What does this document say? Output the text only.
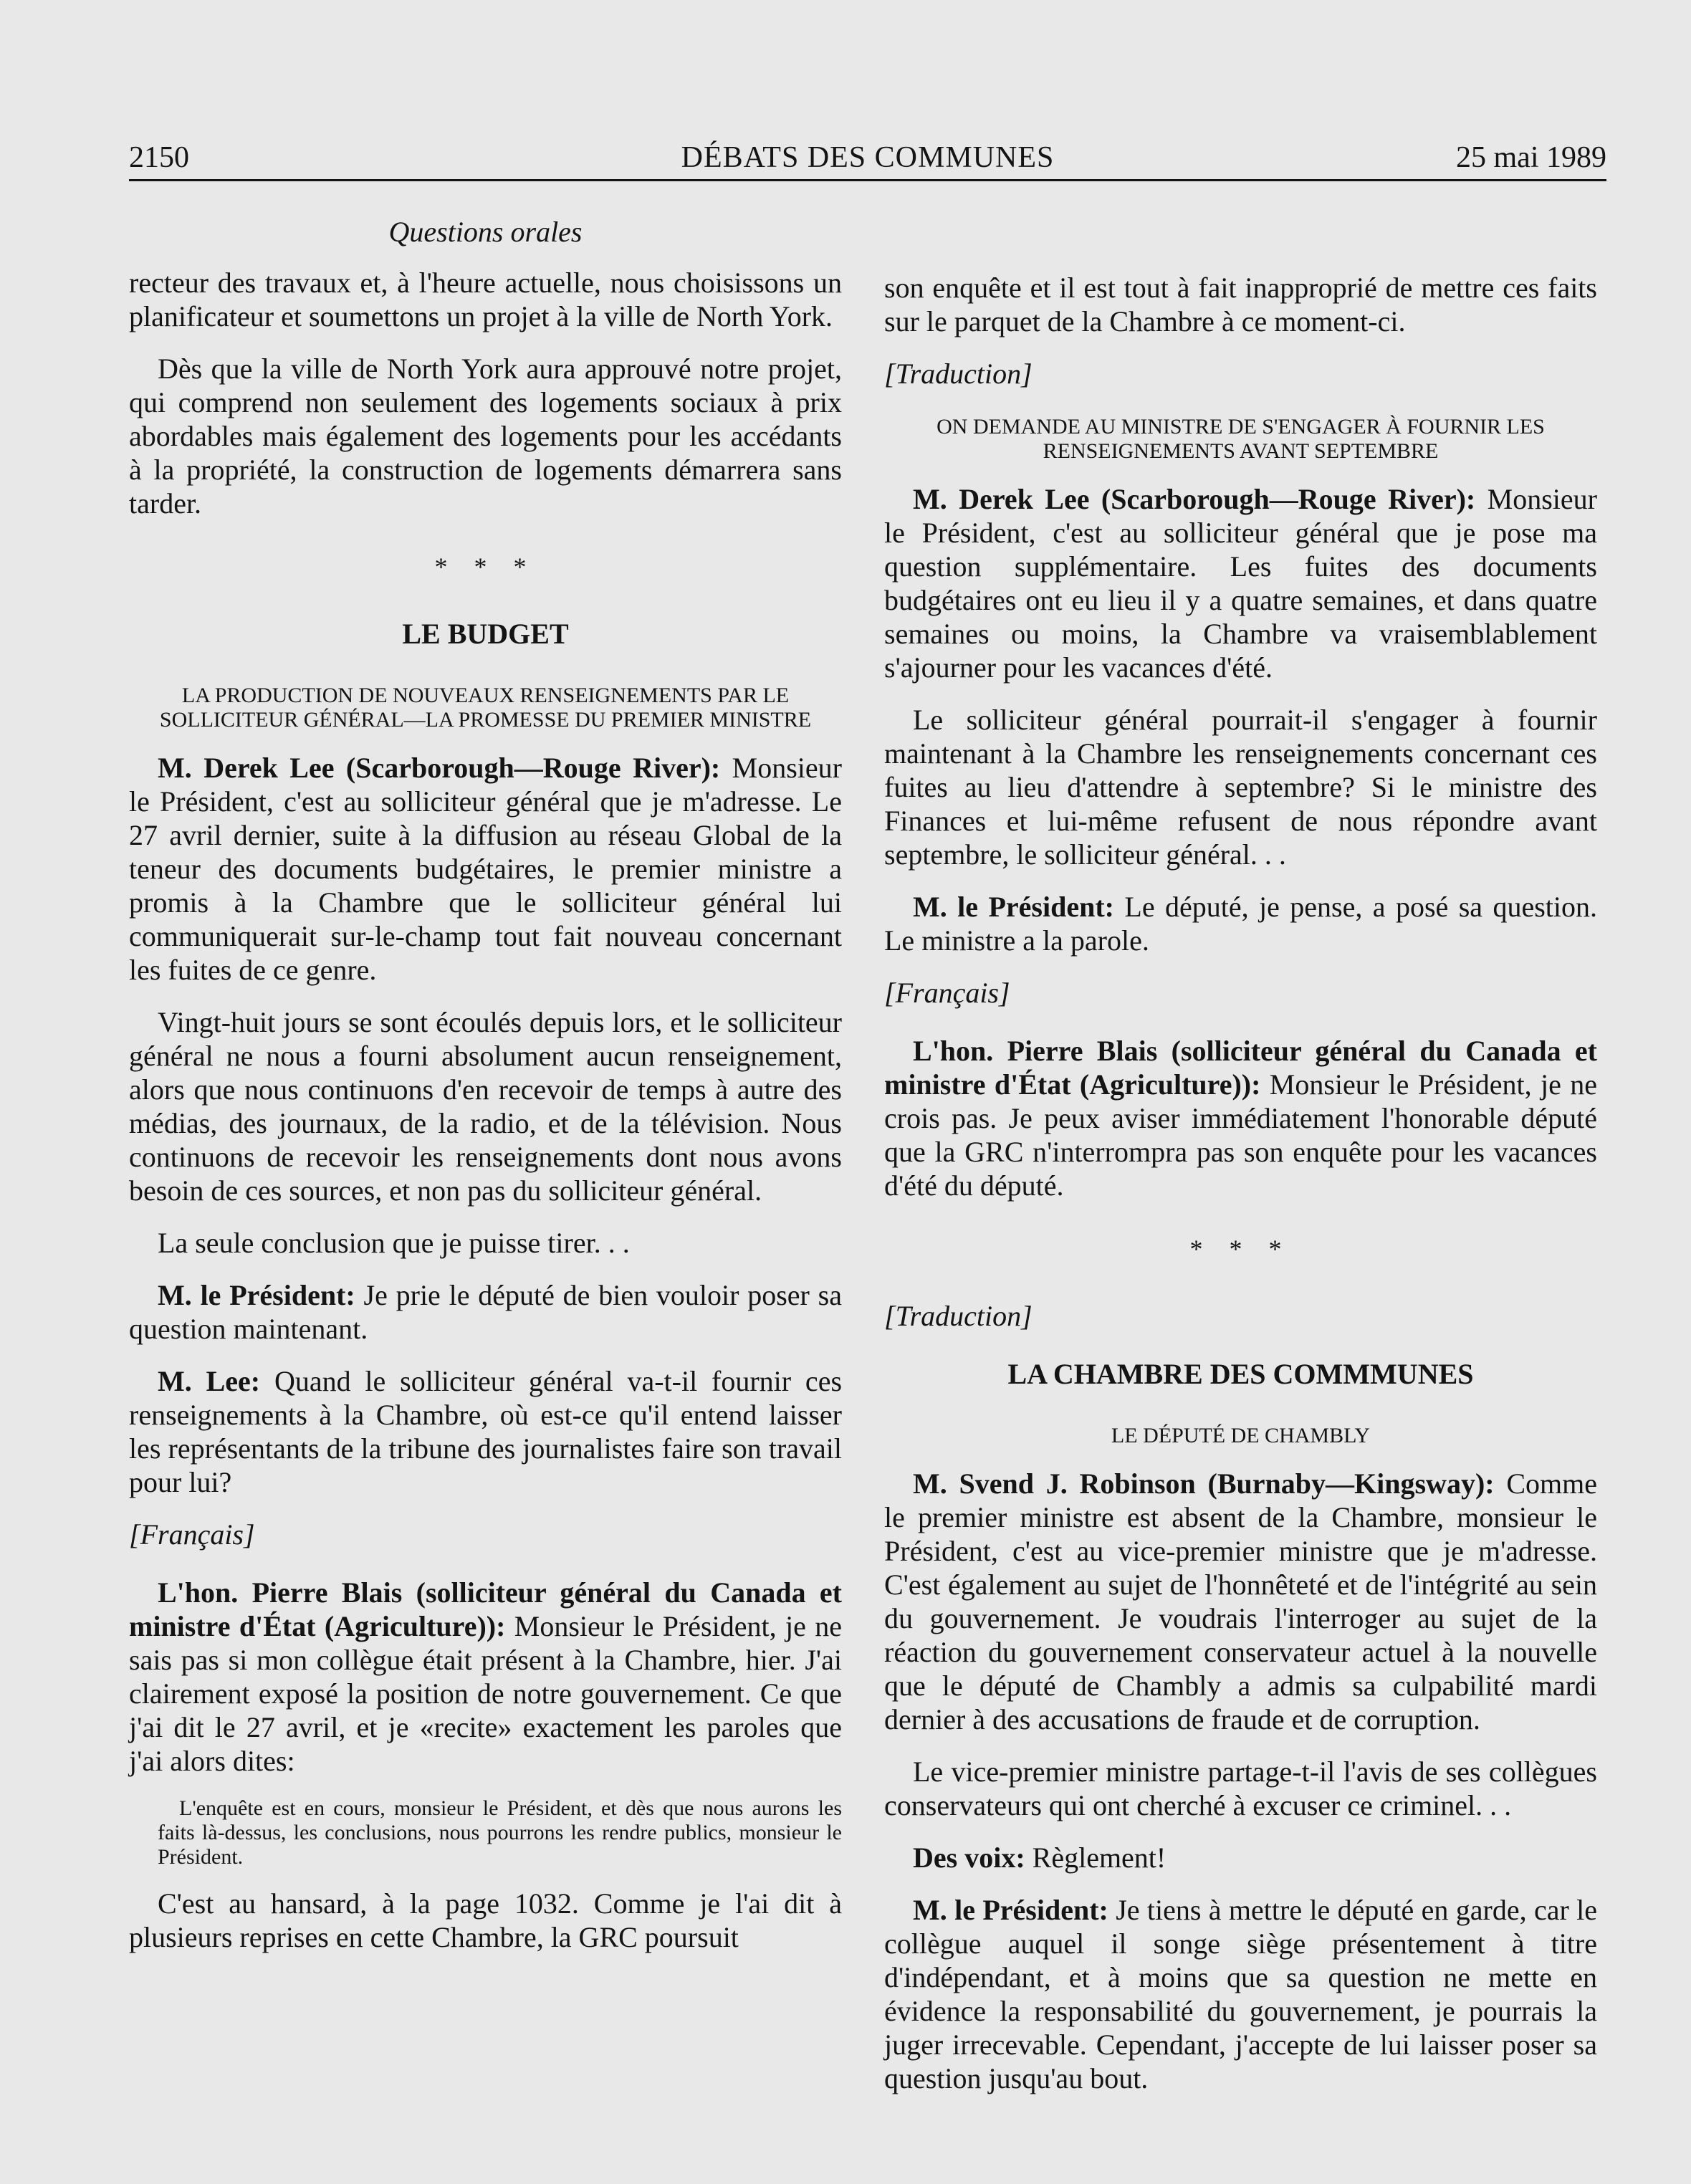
2150	DÉBATS DES COMMUNES	25 mai 1989
Questions orales

recteur des travaux et, à l'heure actuelle, nous choisissons un planificateur et soumettons un projet à la ville de North York.

Dès que la ville de North York aura approuvé notre projet, qui comprend non seulement des logements sociaux à prix abordables mais également des logements pour les accédants à la propriété, la construction de logements démarrera sans tarder.

* * *
LE BUDGET
LA PRODUCTION DE NOUVEAUX RENSEIGNEMENTS PAR LE SOLLICITEUR GÉNÉRAL—LA PROMESSE DU PREMIER MINISTRE

M. Derek Lee (Scarborough—Rouge River): Monsieur le Président, c'est au solliciteur général que je m'adresse. Le 27 avril dernier, suite à la diffusion au réseau Global de la teneur des documents budgétaires, le premier ministre a promis à la Chambre que le solliciteur général lui communiquerait sur-le-champ tout fait nouveau concernant les fuites de ce genre.

Vingt-huit jours se sont écoulés depuis lors, et le solliciteur général ne nous a fourni absolument aucun renseignement, alors que nous continuons d'en recevoir de temps à autre des médias, des journaux, de la radio, et de la télévision. Nous continuons de recevoir les renseignements dont nous avons besoin de ces sources, et non pas du solliciteur général.

La seule conclusion que je puisse tirer. . .

M. le Président: Je prie le député de bien vouloir poser sa question maintenant.

M. Lee: Quand le solliciteur général va-t-il fournir ces renseignements à la Chambre, où est-ce qu'il entend laisser les représentants de la tribune des journalistes faire son travail pour lui?

[Français]

L'hon. Pierre Blais (solliciteur général du Canada et ministre d'État (Agriculture)): Monsieur le Président, je ne sais pas si mon collègue était présent à la Chambre, hier. J'ai clairement exposé la position de notre gouvernement. Ce que j'ai dit le 27 avril, et je «recite» exactement les paroles que j'ai alors dites:

L'enquête est en cours, monsieur le Président, et dès que nous aurons les faits là-dessus, les conclusions, nous pourrons les rendre publics, monsieur le Président.

C'est au hansard, à la page 1032. Comme je l'ai dit à plusieurs reprises en cette Chambre, la GRC poursuit

son enquête et il est tout à fait inapproprié de mettre ces faits sur le parquet de la Chambre à ce moment-ci.

[Traduction]
ON DEMANDE AU MINISTRE DE S'ENGAGER À FOURNIR LES RENSEIGNEMENTS AVANT SEPTEMBRE

M. Derek Lee (Scarborough—Rouge River): Monsieur le Président, c'est au solliciteur général que je pose ma question supplémentaire. Les fuites des documents budgétaires ont eu lieu il y a quatre semaines, et dans quatre semaines ou moins, la Chambre va vraisemblablement s'ajourner pour les vacances d'été.

Le solliciteur général pourrait-il s'engager à fournir maintenant à la Chambre les renseignements concernant ces fuites au lieu d'attendre à septembre? Si le ministre des Finances et lui-même refusent de nous répondre avant septembre, le solliciteur général. . .

M. le Président: Le député, je pense, a posé sa question. Le ministre a la parole.

[Français]

L'hon. Pierre Blais (solliciteur général du Canada et ministre d'État (Agriculture)): Monsieur le Président, je ne crois pas. Je peux aviser immédiatement l'honorable député que la GRC n'interrompra pas son enquête pour les vacances d'été du député.

* * *
[Traduction]
LA CHAMBRE DES COMMMUNES
LE DÉPUTÉ DE CHAMBLY

M. Svend J. Robinson (Burnaby—Kingsway): Comme le premier ministre est absent de la Chambre, monsieur le Président, c'est au vice-premier ministre que je m'adresse. C'est également au sujet de l'honnêteté et de l'intégrité au sein du gouvernement. Je voudrais l'interroger au sujet de la réaction du gouvernement conservateur actuel à la nouvelle que le député de Chambly a admis sa culpabilité mardi dernier à des accusations de fraude et de corruption.

Le vice-premier ministre partage-t-il l'avis de ses collègues conservateurs qui ont cherché à excuser ce criminel. . .

Des voix: Règlement!

M. le Président: Je tiens à mettre le député en garde, car le collègue auquel il songe siège présentement à titre d'indépendant, et à moins que sa question ne mette en évidence la responsabilité du gouvernement, je pourrais la juger irrecevable. Cependant, j'accepte de lui laisser poser sa question jusqu'au bout.
